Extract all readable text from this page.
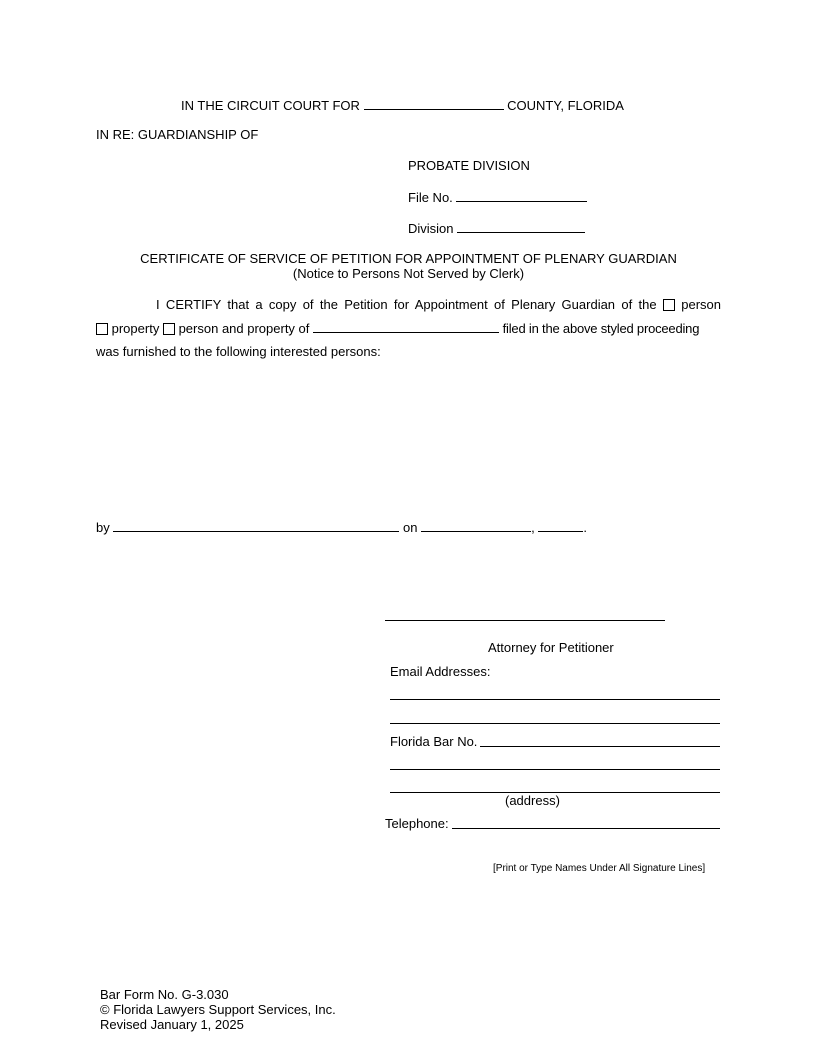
IN THE CIRCUIT COURT FOR	COUNTY, FLORIDA
IN RE: GUARDIANSHIP OF
PROBATE DIVISION
File No.
Division
CERTIFICATE OF SERVICE OF PETITION FOR APPOINTMENT OF PLENARY GUARDIAN
(Notice to Persons Not Served by Clerk)
I CERTIFY that a copy of the Petition for Appointment of Plenary Guardian of the person
property person and property of	filed in the above styled proceeding
was furnished to the following interested persons:
by	on	,	.
Attorney for Petitioner
Email Addresses:
Florida Bar No.
(address)
Telephone:
[Print or Type Names Under All Signature Lines]
Bar Form No. G-3.030
© Florida Lawyers Support Services, Inc.
Revised January 1, 2025
